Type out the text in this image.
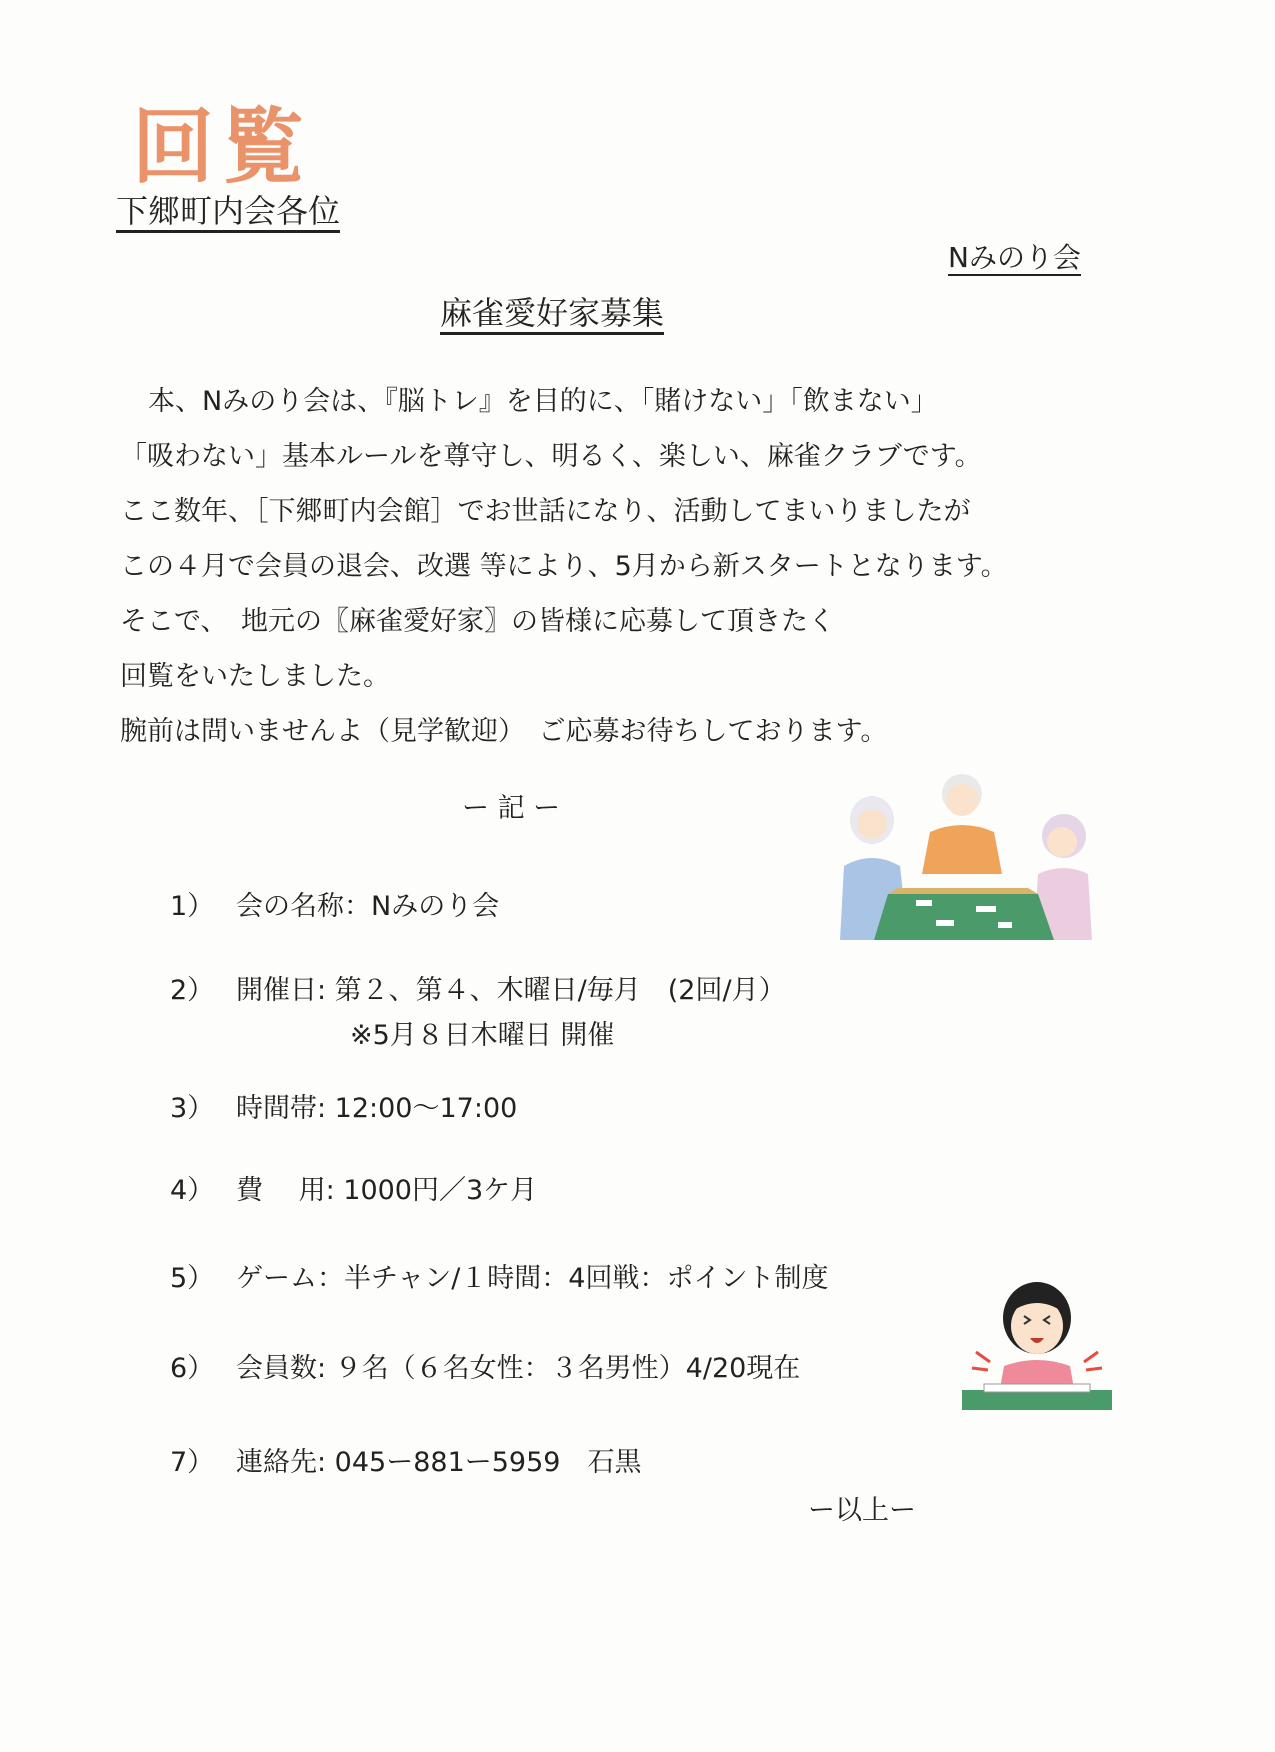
回覧
下郷町内会各位
Nみのり会
麻雀愛好家募集
本、Nみのり会は、『脳トレ』を目的に、「賭けない」「飲まない」
「吸わない」基本ルールを尊守し、明るく、楽しい、麻雀クラブです。
ここ数年、［下郷町内会館］でお世話になり、活動してまいりましたが
この４月で会員の退会、改選 等により、5月から新スタートとなります。
そこで、　地元の〖麻雀愛好家〗の皆様に応募して頂きたく
回覧をいたしました。
腕前は問いませんよ（見学歓迎）　ご応募お待ちしております。
ー 記 ー
1） 会の名称：Nみのり会
2） 開催日: 第２、第４、木曜日/毎月　(2回/月）
※5月８日木曜日 開催
3） 時間帯: 12:00〜17:00
4） 費　 用: 1000円／3ケ月
5） ゲーム：半チャン/１時間：4回戦：ポイント制度
6） 会員数: ９名（６名女性：３名男性）4/20現在
7） 連絡先: 045ー881ー5959　石黒
ー以上ー
